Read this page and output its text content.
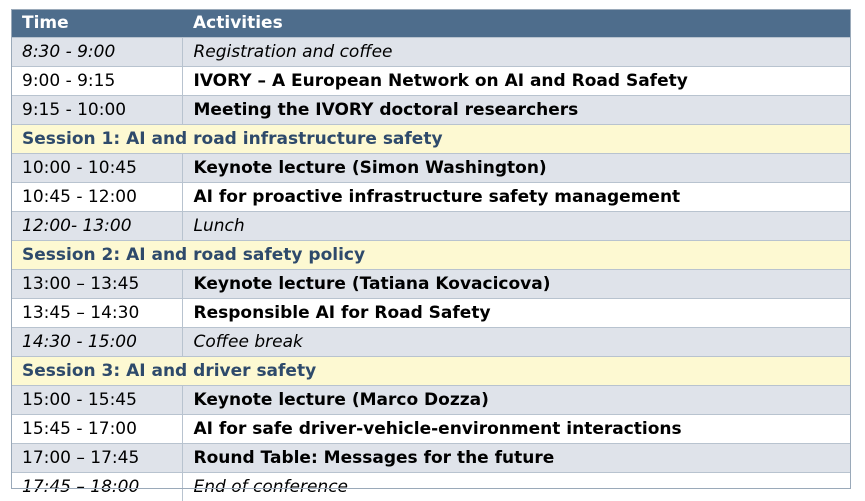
Time	Activities
8:30 - 9:00	Registration and coffee
9:00 - 9:15	IVORY – A European Network on AI and Road Safety
9:15 - 10:00	Meeting the IVORY doctoral researchers
Session 1: AI and road infrastructure safety	
10:00 - 10:45	Keynote lecture (Simon Washington)
10:45 - 12:00	AI for proactive infrastructure safety management
12:00- 13:00	Lunch
Session 2: AI and road safety policy	
13:00 – 13:45	Keynote lecture (Tatiana Kovacicova)
13:45 – 14:30	Responsible AI for Road Safety
14:30 - 15:00	Coffee break
Session 3: AI and driver safety	
15:00 - 15:45	Keynote lecture (Marco Dozza)
15:45 - 17:00	AI for safe driver-vehicle-environment interactions
17:00 – 17:45	Round Table: Messages for the future
17:45 – 18:00	End of conference
